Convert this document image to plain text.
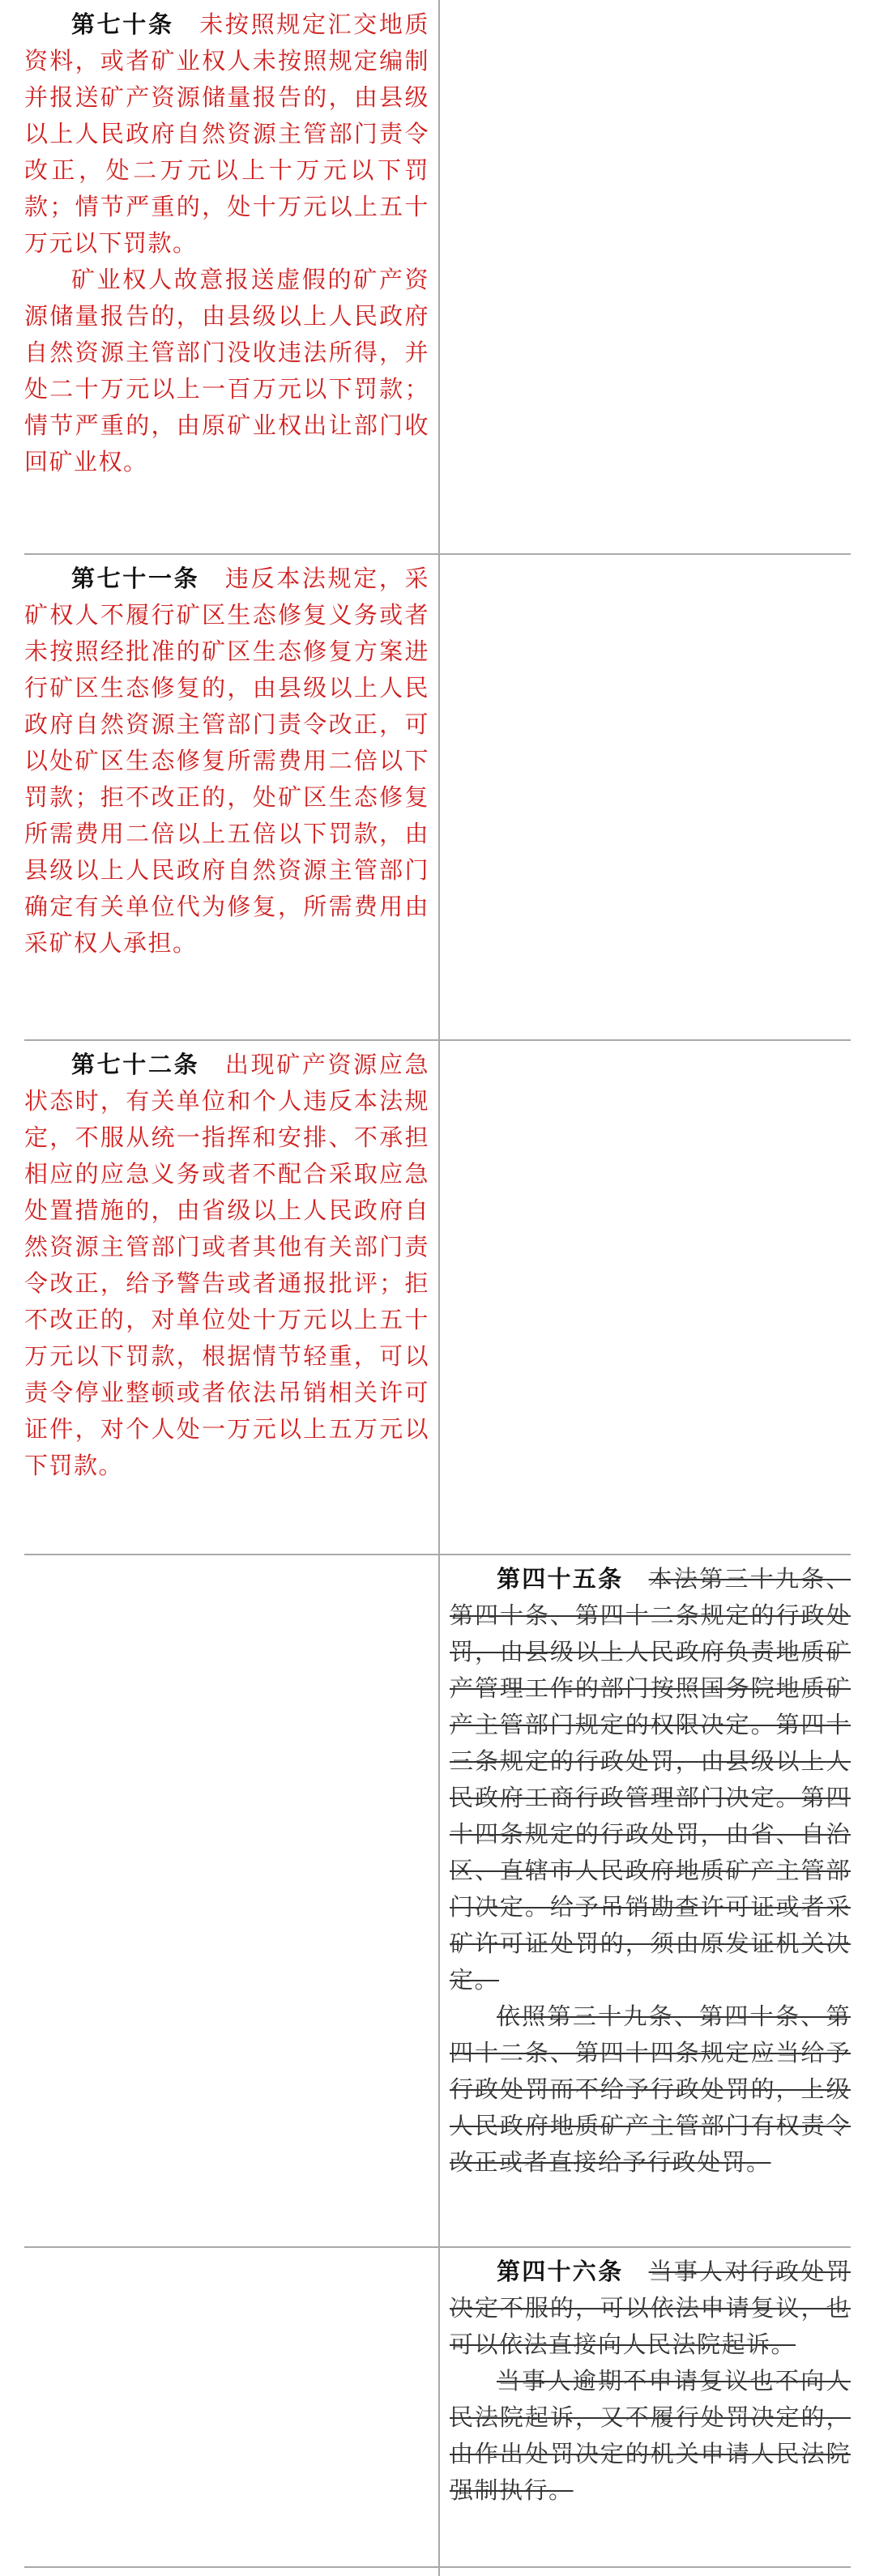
第七十条　 未按照规定汇交地质资料，或者矿业权人未按照规定编制并报送矿产资源储量报告的，由县级以上人民政府自然资源主管部门责令改正，处二万元以上十万元以下罚款；情节严重的，处十万元以上五十万元以下罚款。

矿业权人故意报送虚假的矿产资源储量报告的，由县级以上人民政府自然资源主管部门没收违法所得，并处二十万元以上一百万元以下罚款；情节严重的，由原矿业权出让部门收回矿业权。

第七十一条　 违反本法规定，采矿权人不履行矿区生态修复义务或者未按照经批准的矿区生态修复方案进行矿区生态修复的，由县级以上人民政府自然资源主管部门责令改正，可以处矿区生态修复所需费用二倍以下罚款；拒不改正的，处矿区生态修复所需费用二倍以上五倍以下罚款，由县级以上人民政府自然资源主管部门确定有关单位代为修复，所需费用由采矿权人承担。

第七十二条　 出现矿产资源应急状态时，有关单位和个人违反本法规定，不服从统一指挥和安排、不承担相应的应急义务或者不配合采取应急处置措施的，由省级以上人民政府自然资源主管部门或者其他有关部门责令改正，给予警告或者通报批评；拒不改正的，对单位处十万元以上五十万元以下罚款，根据情节轻重，可以责令停业整顿或者依法吊销相关许可证件，对个人处一万元以上五万元以下罚款。

第四十五条　 本法第三十九条、第四十条、第四十二条规定的行政处罚，由县级以上人民政府负责地质矿产管理工作的部门按照国务院地质矿产主管部门规定的权限决定。第四十三条规定的行政处罚，由县级以上人民政府工商行政管理部门决定。第四十四条规定的行政处罚，由省、自治区、直辖市人民政府地质矿产主管部门决定。给予吊销勘查许可证或者采矿许可证处罚的，须由原发证机关决定。

依照第三十九条、第四十条、第四十二条、第四十四条规定应当给予行政处罚而不给予行政处罚的，上级人民政府地质矿产主管部门有权责令改正或者直接给予行政处罚。

第四十六条　 当事人对行政处罚决定不服的，可以依法申请复议，也可以依法直接向人民法院起诉。

当事人逾期不申请复议也不向人民法院起诉，又不履行处罚决定的，由作出处罚决定的机关申请人民法院强制执行。
